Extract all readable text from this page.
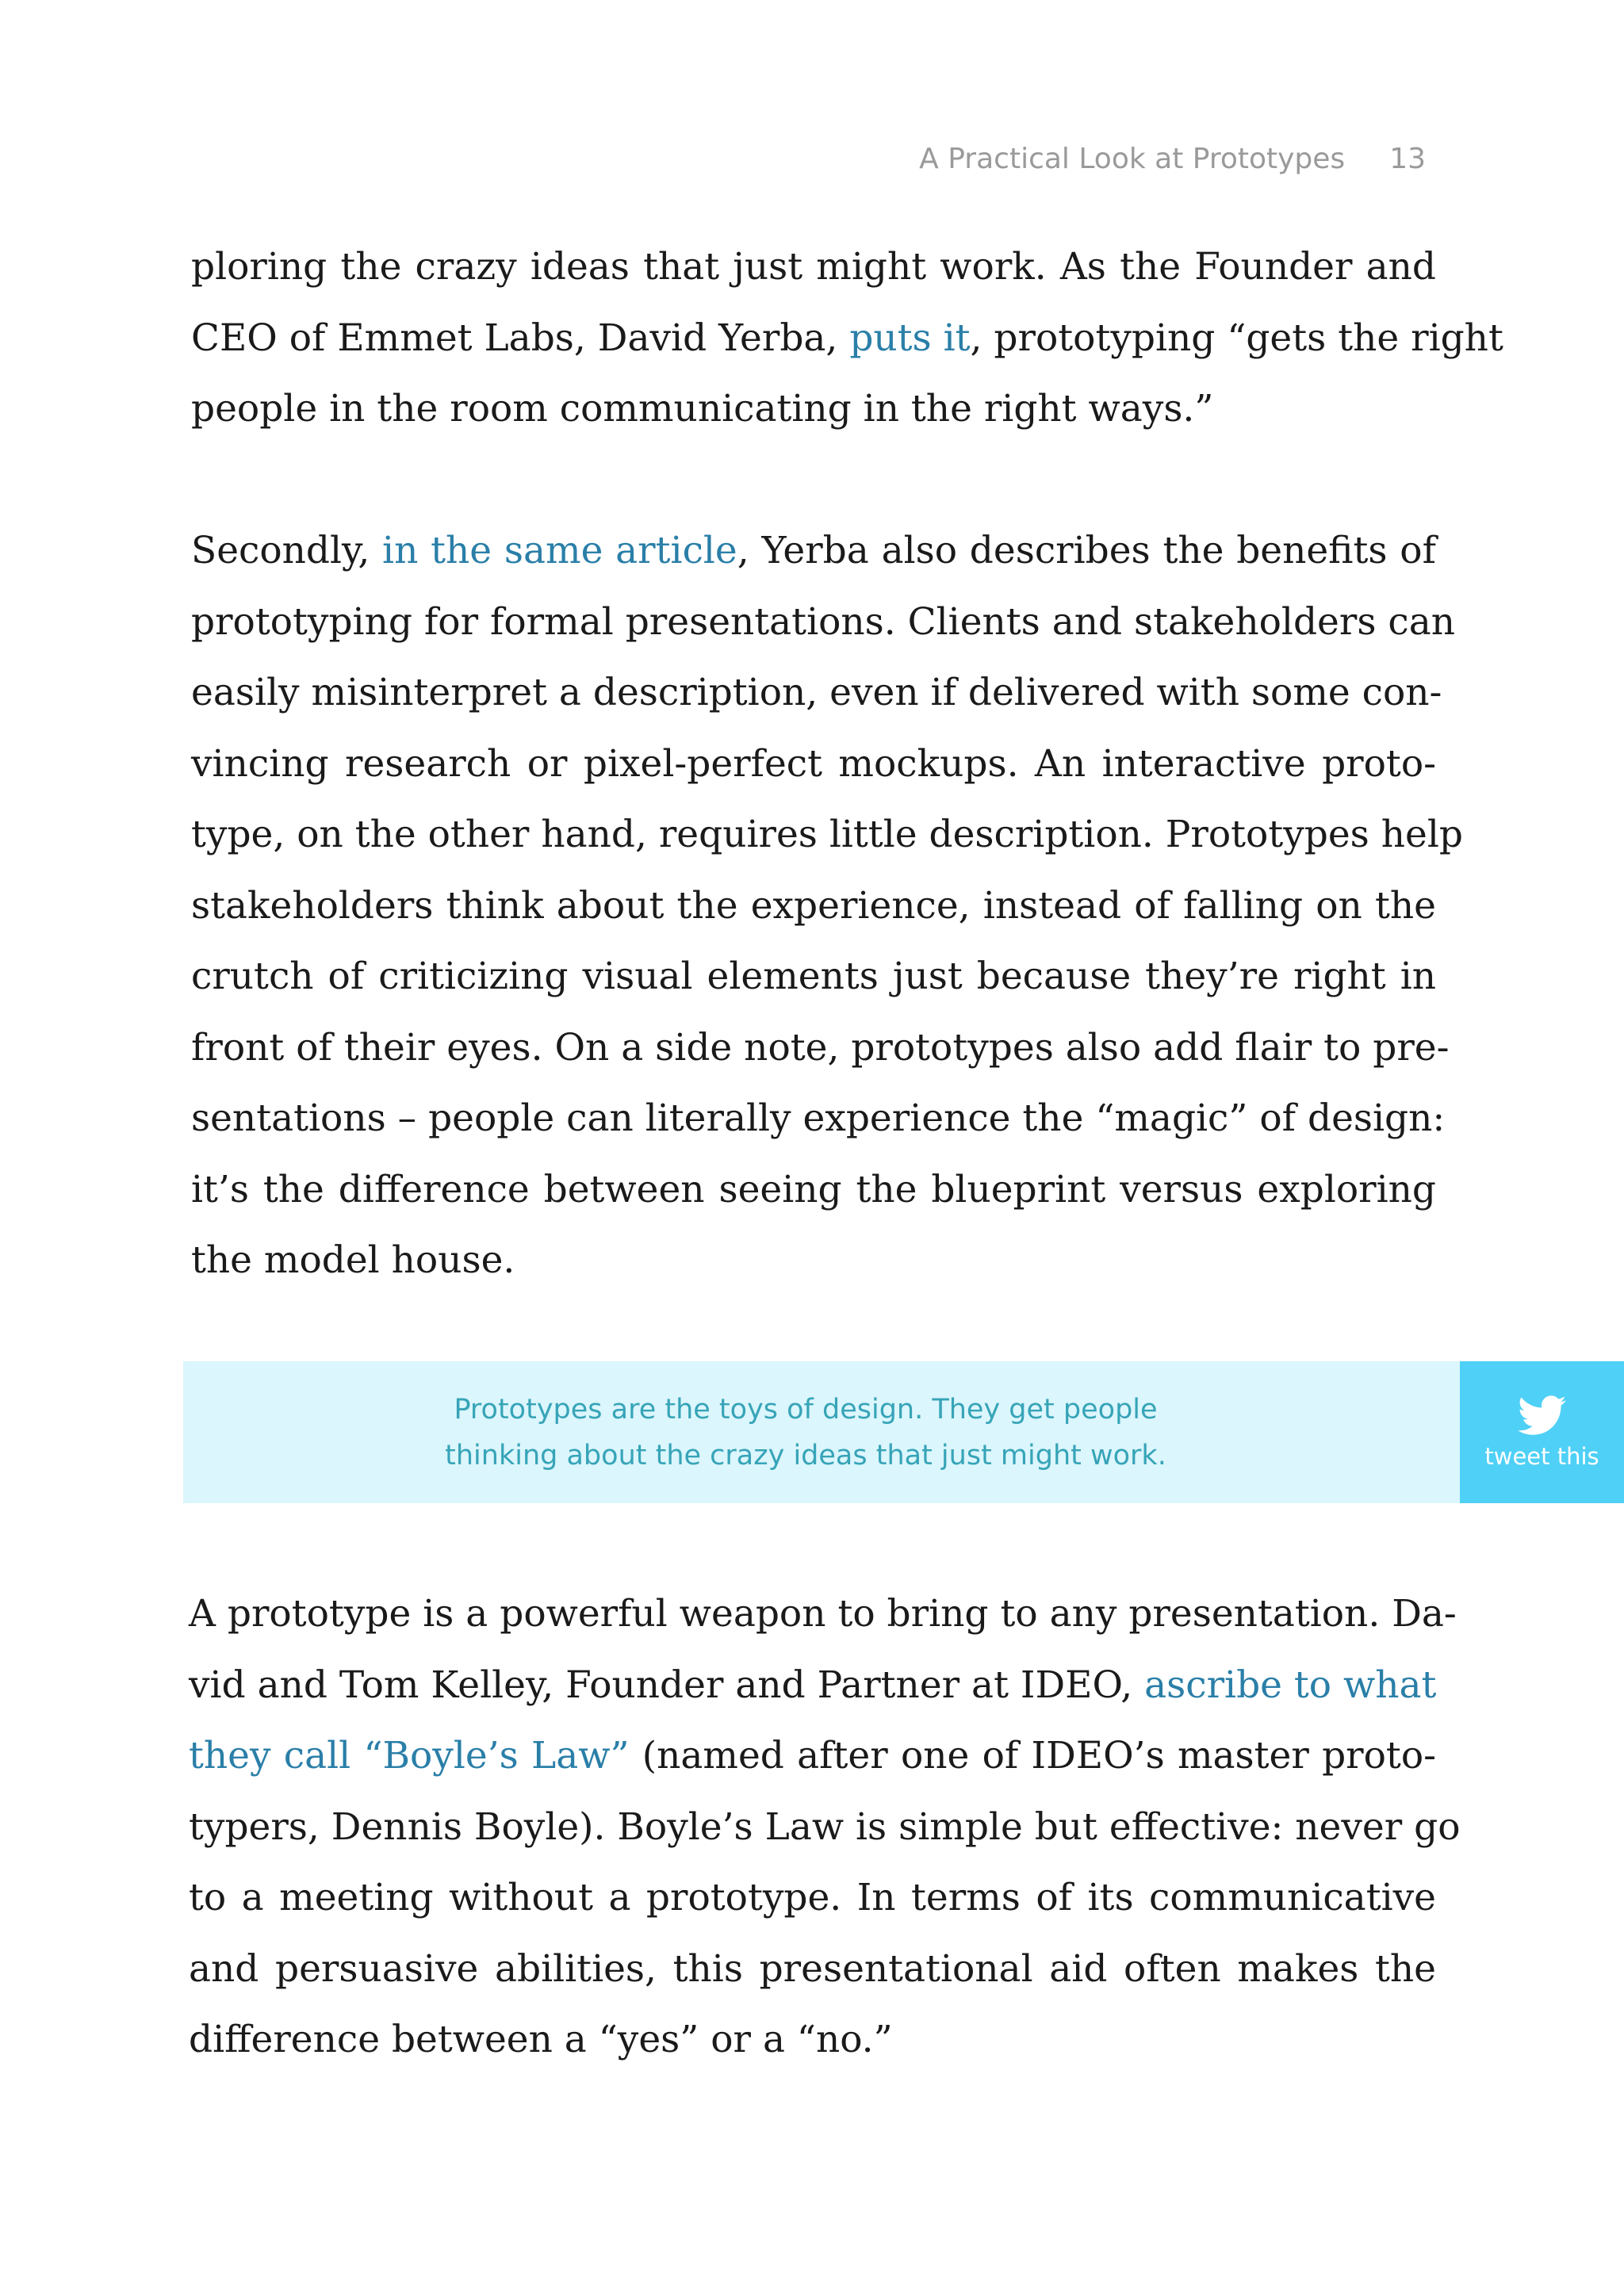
A Practical Look at Prototypes 13

ploring the crazy ideas that just might work. As the Founder and
CEO of Emmet Labs, David Yerba, puts it, prototyping “gets the right
people in the room communicating in the right ways.”

Secondly, in the same article, Yerba also describes the benefits of
prototyping for formal presentations. Clients and stakeholders can
easily misinterpret a description, even if delivered with some con-
vincing research or pixel-perfect mockups. An interactive proto-
type, on the other hand, requires little description. Prototypes help
stakeholders think about the experience, instead of falling on the
crutch of criticizing visual elements just because they’re right in
front of their eyes. On a side note, prototypes also add flair to pre-
sentations – people can literally experience the “magic” of design:
it’s the difference between seeing the blueprint versus exploring
the model house.

Prototypes are the toys of design. They get people
thinking about the crazy ideas that just might work.	tweet this

A prototype is a powerful weapon to bring to any presentation. Da-
vid and Tom Kelley, Founder and Partner at IDEO, ascribe to what
they call “Boyle’s Law” (named after one of IDEO’s master proto-
typers, Dennis Boyle). Boyle’s Law is simple but effective: never go
to a meeting without a prototype. In terms of its communicative
and persuasive abilities, this presentational aid often makes the
difference between a “yes” or a “no.”
